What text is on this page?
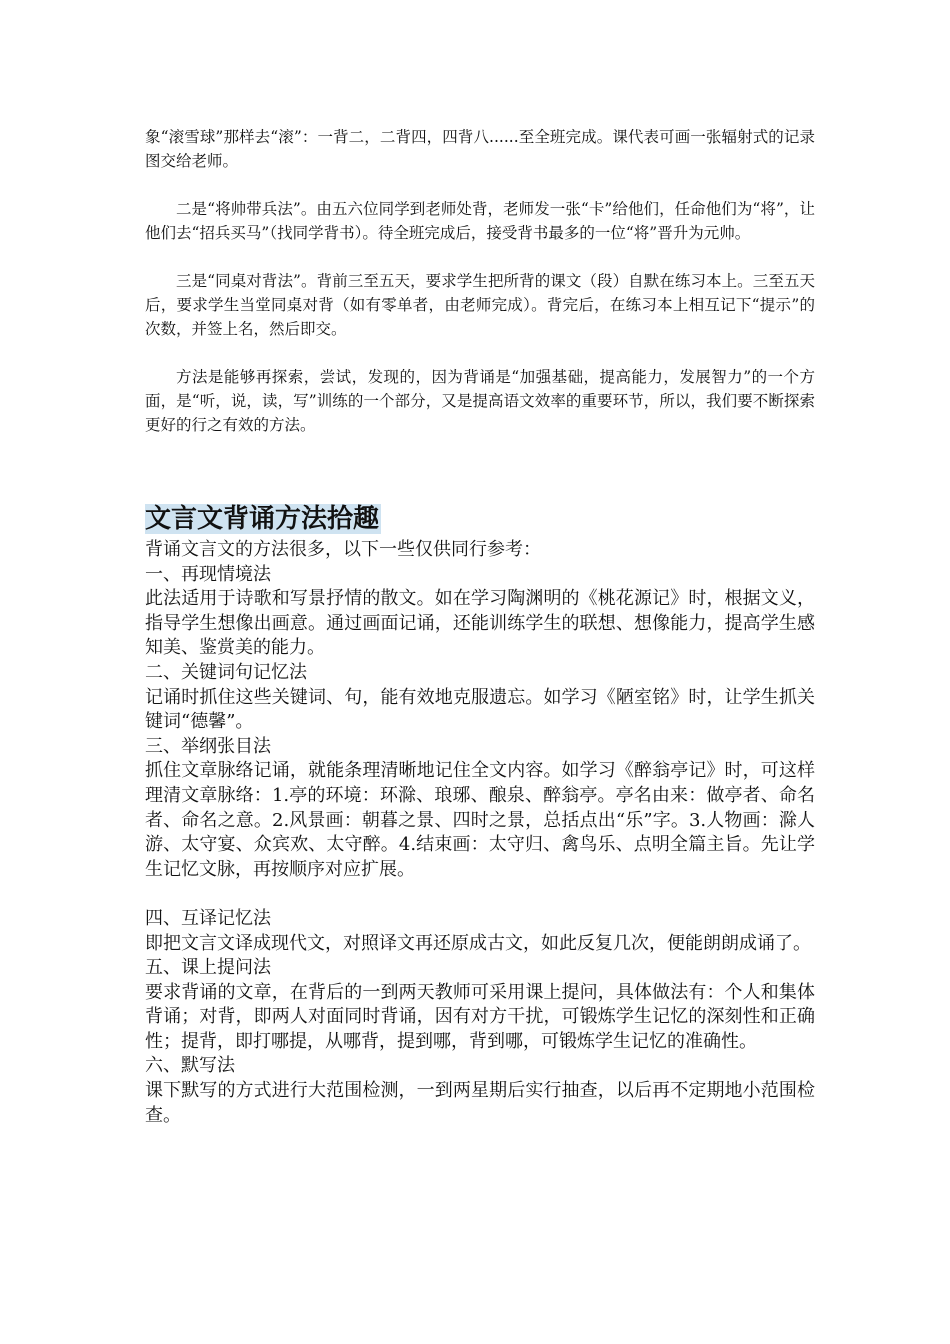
象“滚雪球”那样去“滚”：一背二，二背四，四背八......至全班完成。课代表可画一张辐射式的记录图交给老师。

二是“将帅带兵法”。由五六位同学到老师处背，老师发一张“卡”给他们，任命他们为“将”，让他们去“招兵买马”（找同学背书）。待全班完成后，接受背书最多的一位“将”晋升为元帅。

三是“同桌对背法”。背前三至五天，要求学生把所背的课文（段）自默在练习本上。三至五天后，要求学生当堂同桌对背（如有零单者，由老师完成）。背完后，在练习本上相互记下“提示”的次数，并签上名，然后即交。

方法是能够再探索，尝试，发现的，因为背诵是“加强基础，提高能力，发展智力”的一个方面，是“听，说，读，写”训练的一个部分，又是提高语文效率的重要环节，所以，我们要不断探索更好的行之有效的方法。

文言文背诵方法拾趣

背诵文言文的方法很多，以下一些仅供同行参考：

一、再现情境法

此法适用于诗歌和写景抒情的散文。如在学习陶渊明的《桃花源记》时，根据文义，指导学生想像出画意。通过画面记诵，还能训练学生的联想、想像能力，提高学生感知美、鉴赏美的能力。

二、关键词句记忆法

记诵时抓住这些关键词、句，能有效地克服遗忘。如学习《陋室铭》时，让学生抓关键词“德馨”。

三、举纲张目法

抓住文章脉络记诵，就能条理清晰地记住全文内容。如学习《醉翁亭记》时，可这样理清文章脉络：1.亭的环境：环滁、琅琊、酿泉、醉翁亭。亭名由来：做亭者、命名者、命名之意。2.风景画：朝暮之景、四时之景，总括点出“乐”字。3.人物画：滁人游、太守宴、众宾欢、太守醉。4.结束画：太守归、禽鸟乐、点明全篇主旨。先让学生记忆文脉，再按顺序对应扩展。

四、互译记忆法

即把文言文译成现代文，对照译文再还原成古文，如此反复几次，便能朗朗成诵了。

五、课上提问法

要求背诵的文章，在背后的一到两天教师可采用课上提问，具体做法有：个人和集体背诵；对背，即两人对面同时背诵，因有对方干扰，可锻炼学生记忆的深刻性和正确性；提背，即打哪提，从哪背，提到哪，背到哪，可锻炼学生记忆的准确性。

六、默写法

课下默写的方式进行大范围检测，一到两星期后实行抽查，以后再不定期地小范围检查。
